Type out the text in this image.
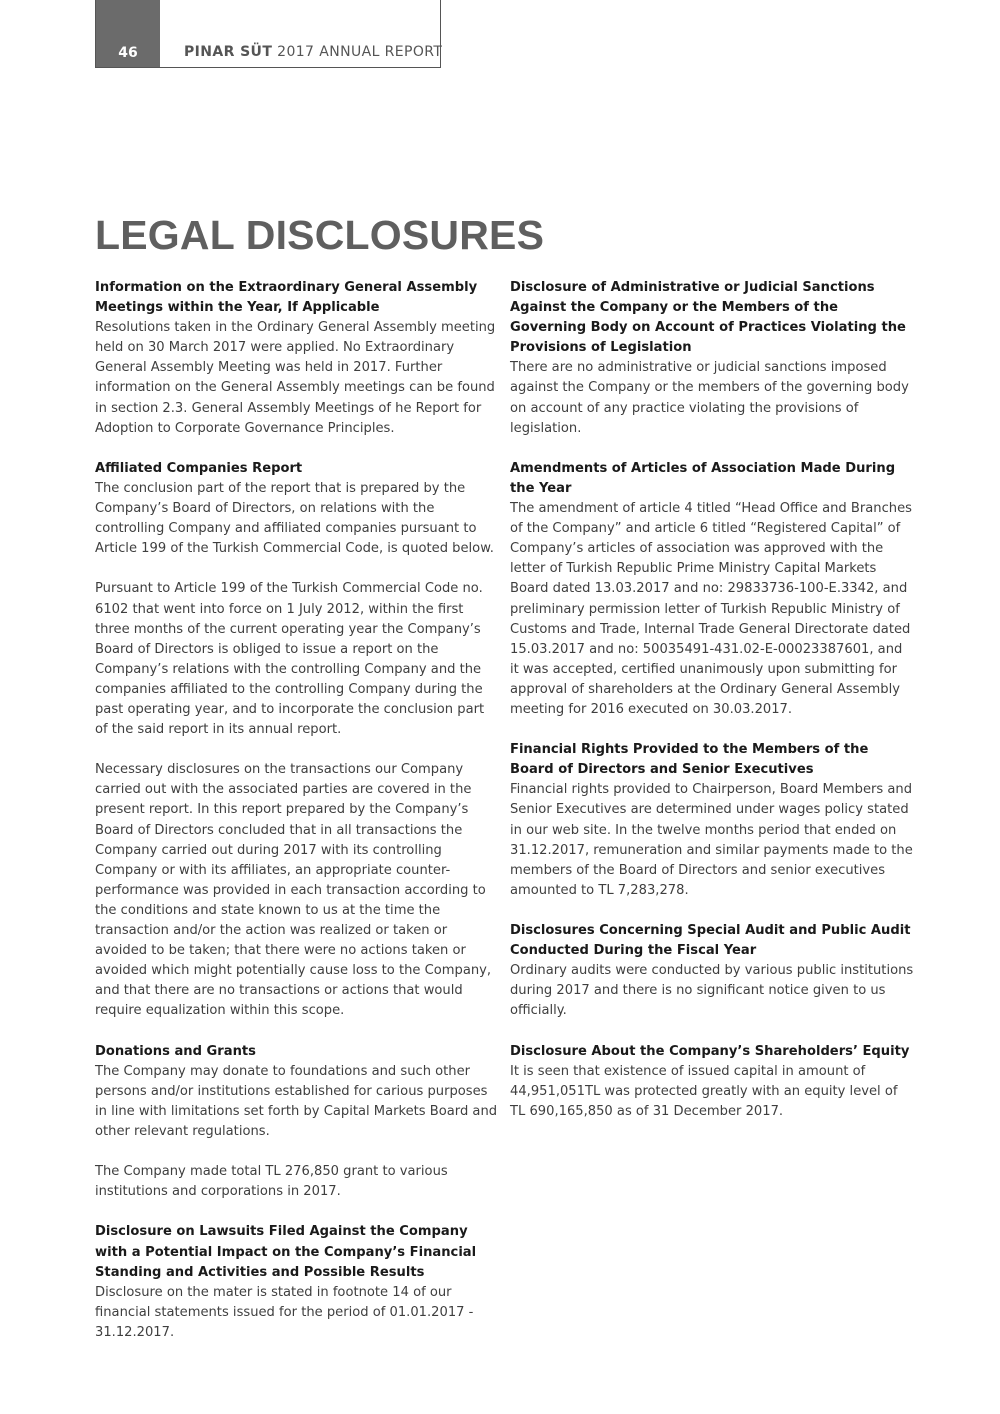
46	PINAR SÜT 2017 ANNUAL REPORT
LEGAL DISCLOSURES
Information on the Extraordinary General Assembly Meetings within the Year, If Applicable

Resolutions taken in the Ordinary General Assembly meeting held on 30 March 2017 were applied. No Extraordinary General Assembly Meeting was held in 2017. Further information on the General Assembly meetings can be found in section 2.3. General Assembly Meetings of he Report for Adoption to Corporate Governance Principles.

Affiliated Companies Report

The conclusion part of the report that is prepared by the Company’s Board of Directors, on relations with the controlling Company and affiliated companies pursuant to Article 199 of the Turkish Commercial Code, is quoted below.

Pursuant to Article 199 of the Turkish Commercial Code no. 6102 that went into force on 1 July 2012, within the first three months of the current operating year the Company’s Board of Directors is obliged to issue a report on the Company’s relations with the controlling Company and the companies affiliated to the controlling Company during the past operating year, and to incorporate the conclusion part of the said report in its annual report.

Necessary disclosures on the transactions our Company carried out with the associated parties are covered in the present report. In this report prepared by the Company’s Board of Directors concluded that in all transactions the Company carried out during 2017 with its controlling Company or with its affiliates, an appropriate counter-performance was provided in each transaction according to the conditions and state known to us at the time the transaction and/or the action was realized or taken or avoided to be taken; that there were no actions taken or avoided which might potentially cause loss to the Company, and that there are no transactions or actions that would require equalization within this scope.

Donations and Grants

The Company may donate to foundations and such other persons and/or institutions established for carious purposes in line with limitations set forth by Capital Markets Board and other relevant regulations.

The Company made total TL 276,850 grant to various institutions and corporations in 2017.

Disclosure on Lawsuits Filed Against the Company with a Potential Impact on the Company’s Financial Standing and Activities and Possible Results

Disclosure on the mater is stated in footnote 14 of our financial statements issued for the period of 01.01.2017 - 31.12.2017.

Disclosure of Administrative or Judicial Sanctions Against the Company or the Members of the Governing Body on Account of Practices Violating the Provisions of Legislation

There are no administrative or judicial sanctions imposed against the Company or the members of the governing body on account of any practice violating the provisions of legislation.

Amendments of Articles of Association Made During the Year

The amendment of article 4 titled “Head Office and Branches of the Company” and article 6 titled “Registered Capital” of Company’s articles of association was approved with the letter of Turkish Republic Prime Ministry Capital Markets Board dated 13.03.2017 and no: 29833736-100-E.3342, and preliminary permission letter of Turkish Republic Ministry of Customs and Trade, Internal Trade General Directorate dated 15.03.2017 and no: 50035491-431.02-E-00023387601, and it was accepted, certified unanimously upon submitting for approval of shareholders at the Ordinary General Assembly meeting for 2016 executed on 30.03.2017.

Financial Rights Provided to the Members of the Board of Directors and Senior Executives

Financial rights provided to Chairperson, Board Members and Senior Executives are determined under wages policy stated in our web site. In the twelve months period that ended on 31.12.2017, remuneration and similar payments made to the members of the Board of Directors and senior executives amounted to TL 7,283,278.

Disclosures Concerning Special Audit and Public Audit Conducted During the Fiscal Year

Ordinary audits were conducted by various public institutions during 2017 and there is no significant notice given to us officially.

Disclosure About the Company’s Shareholders’ Equity

It is seen that existence of issued capital in amount of 44,951,051TL was protected greatly with an equity level of TL 690,165,850 as of 31 December 2017.
